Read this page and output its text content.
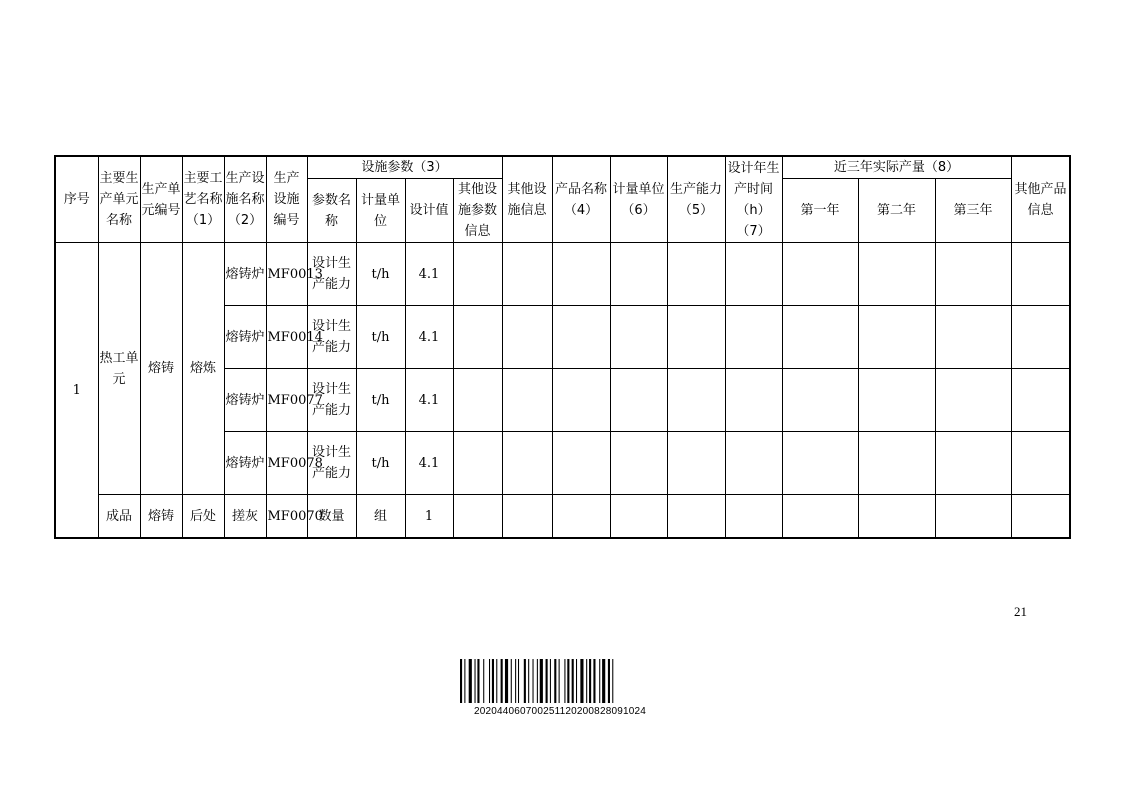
序号	主要生产单元名称	生产单元编号	主要工艺名称（1）	生产设施名称（2）	生产设施编号	设施参数（3）				其他设施信息	产品名称（4）	计量单位（6）	生产能力（5）	设计年生产时间（h）（7）	近三年实际产量（8）			其他产品信息	
						参数名称	计量单位	设计值	其他设施参数信息						第一年	第二年	第三年		
1	热工单元	熔铸	熔炼	熔铸炉	MF0013	设计生产能力	t/h	4.1											
				熔铸炉	MF0014	设计生产能力	t/h	4.1											
				熔铸炉	MF0077	设计生产能力	t/h	4.1											
				熔铸炉	MF0078	设计生产能力	t/h	4.1											
	成品	熔铸	后处	搓灰	MF0070	数量	组	1											
21
20204406070025112020082809​1024
